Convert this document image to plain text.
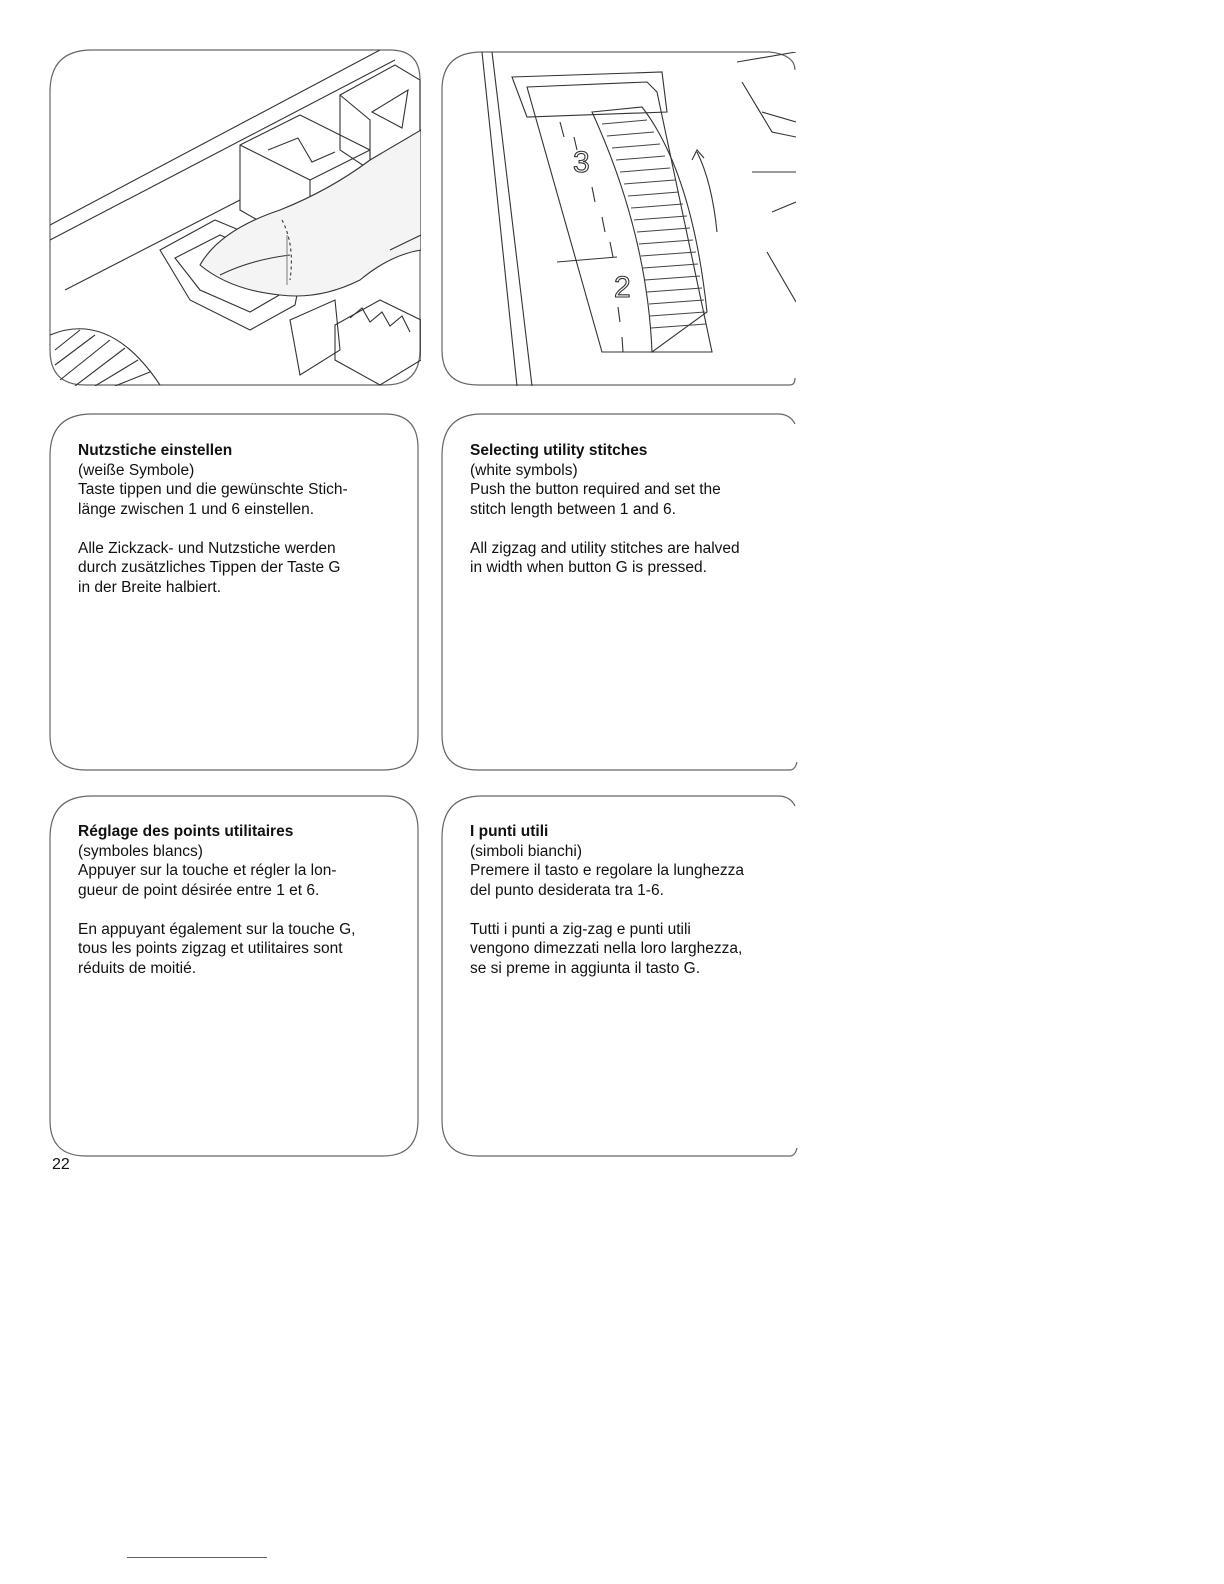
3
2
Nutzstiche einstellen
(weiße Symbole)
Taste tippen und die gewünschte Stich-
länge zwischen 1 und 6 einstellen.
Alle Zickzack- und Nutzstiche werden
durch zusätzliches Tippen der Taste G
in der Breite halbiert.
Selecting utility stitches
(white symbols)
Push the button required and set the
stitch length between 1 and 6.
All zigzag and utility stitches are halved
in width when button G is pressed.
Réglage des points utilitaires
(symboles blancs)
Appuyer sur la touche et régler la lon-
gueur de point désirée entre 1 et 6.
En appuyant également sur la touche G,
tous les points zigzag et utilitaires sont
réduits de moitié.
I punti utili
(simboli bianchi)
Premere il tasto e regolare la lunghezza
del punto desiderata tra 1-6.
Tutti i punti a zig-zag e punti utili
vengono dimezzati nella loro larghezza,
se si preme in aggiunta il tasto G.
22
